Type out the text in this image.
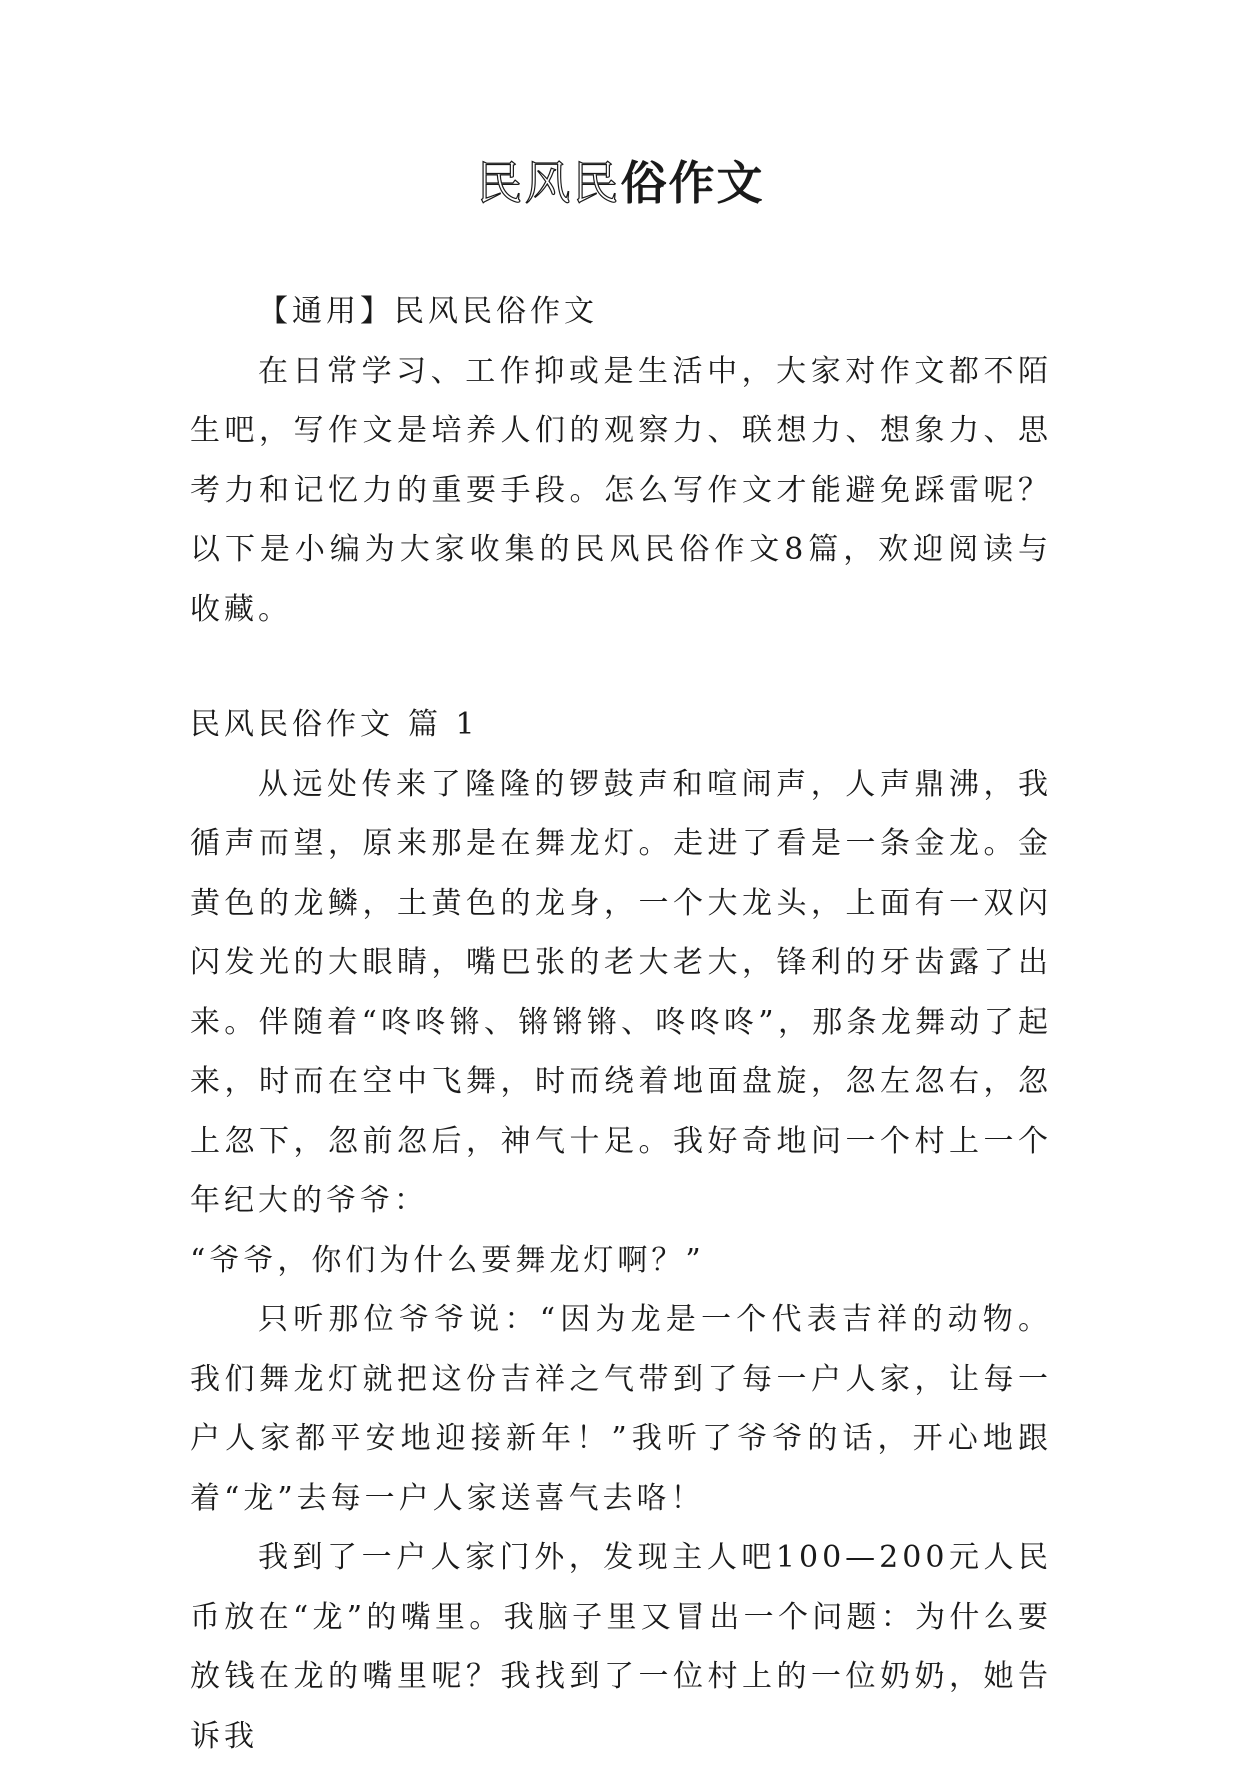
民风民俗作文

【通用】民风民俗作文

在日常学习、工作抑或是生活中，大家对作文都不陌生吧，写作文是培养人们的观察力、联想力、想象力、思考力和记忆力的重要手段。怎么写作文才能避免踩雷呢？以下是小编为大家收集的民风民俗作文8篇，欢迎阅读与收藏。

民风民俗作文 篇 1

从远处传来了隆隆的锣鼓声和喧闹声，人声鼎沸，我循声而望，原来那是在舞龙灯。走进了看是一条金龙。金黄色的龙鳞，土黄色的龙身，一个大龙头，上面有一双闪闪发光的大眼睛，嘴巴张的老大老大，锋利的牙齿露了出来。伴随着“咚咚锵、锵锵锵、咚咚咚”，那条龙舞动了起来，时而在空中飞舞，时而绕着地面盘旋，忽左忽右，忽上忽下，忽前忽后，神气十足。我好奇地问一个村上一个年纪大的爷爷：

“爷爷，你们为什么要舞龙灯啊？”

只听那位爷爷说：“因为龙是一个代表吉祥的动物。我们舞龙灯就把这份吉祥之气带到了每一户人家，让每一户人家都平安地迎接新年！”我听了爷爷的话，开心地跟着“龙”去每一户人家送喜气去咯！

我到了一户人家门外，发现主人吧100—200元人民币放在“龙”的嘴里。我脑子里又冒出一个问题：为什么要放钱在龙的嘴里呢？我找到了一位村上的一位奶奶，她告诉我
